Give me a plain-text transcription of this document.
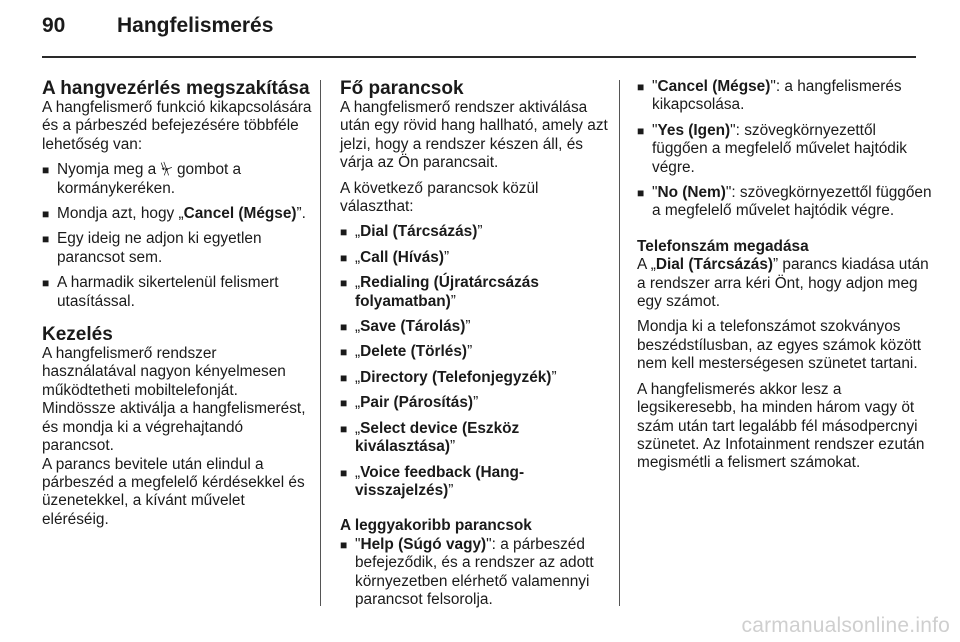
90	Hangfelismerés
A hangvezérlés megszakítása

A hangfelismerő funkció kikapcsolására és a párbeszéd befejezésére többféle lehetőség van:

■ Nyomja meg a ⏧ gombot a kormánykeréken.
■ Mondja azt, hogy „Cancel (Mégse)”.
■ Egy ideig ne adjon ki egyetlen parancsot sem.
■ A harmadik sikertelenül felismert utasítással.
Kezelés

A hangfelismerő rendszer használatával nagyon kényelmesen működtetheti mobiltelefonját.

Mindössze aktiválja a hangfelismerést, és mondja ki a végrehajtandó parancsot.

A parancs bevitele után elindul a párbeszéd a megfelelő kérdésekkel és üzenetekkel, a kívánt művelet eléréséig.

Fő parancsok

A hangfelismerő rendszer aktiválása után egy rövid hang hallható, amely azt jelzi, hogy a rendszer készen áll, és várja az Ön parancsait.

A következő parancsok közül választhat:

■ „Dial (Tárcsázás)”
■ „Call (Hívás)”
■ „Redialing (Újratárcsázás folyamatban)”
■ „Save (Tárolás)”
■ „Delete (Törlés)”
■ „Directory (Telefonjegyzék)”
■ „Pair (Párosítás)”
■ „Select device (Eszköz kiválasztása)”
■ „Voice feedback (Hang-visszajelzés)”
A leggyakoribb parancsok
■ "Help (Súgó vagy)": a párbeszéd befejeződik, és a rendszer az adott környezetben elérhető valamennyi parancsot felsorolja.
■ "Cancel (Mégse)": a hangfelismerés kikapcsolása.
■ "Yes (Igen)": szövegkörnyezettől függően a megfelelő művelet hajtódik végre.
■ "No (Nem)": szövegkörnyezettől függően a megfelelő művelet hajtódik végre.
Telefonszám megadása

A „Dial (Tárcsázás)” parancs kiadása után a rendszer arra kéri Önt, hogy adjon meg egy számot.

Mondja ki a telefonszámot szokványos beszédstílusban, az egyes számok között nem kell mesterségesen szünetet tartani.

A hangfelismerés akkor lesz a legsikeresebb, ha minden három vagy öt szám után tart legalább fél másodpercnyi szünetet. Az Infotainment rendszer ezután megismétli a felismert számokat.

carmanualsonline.info
